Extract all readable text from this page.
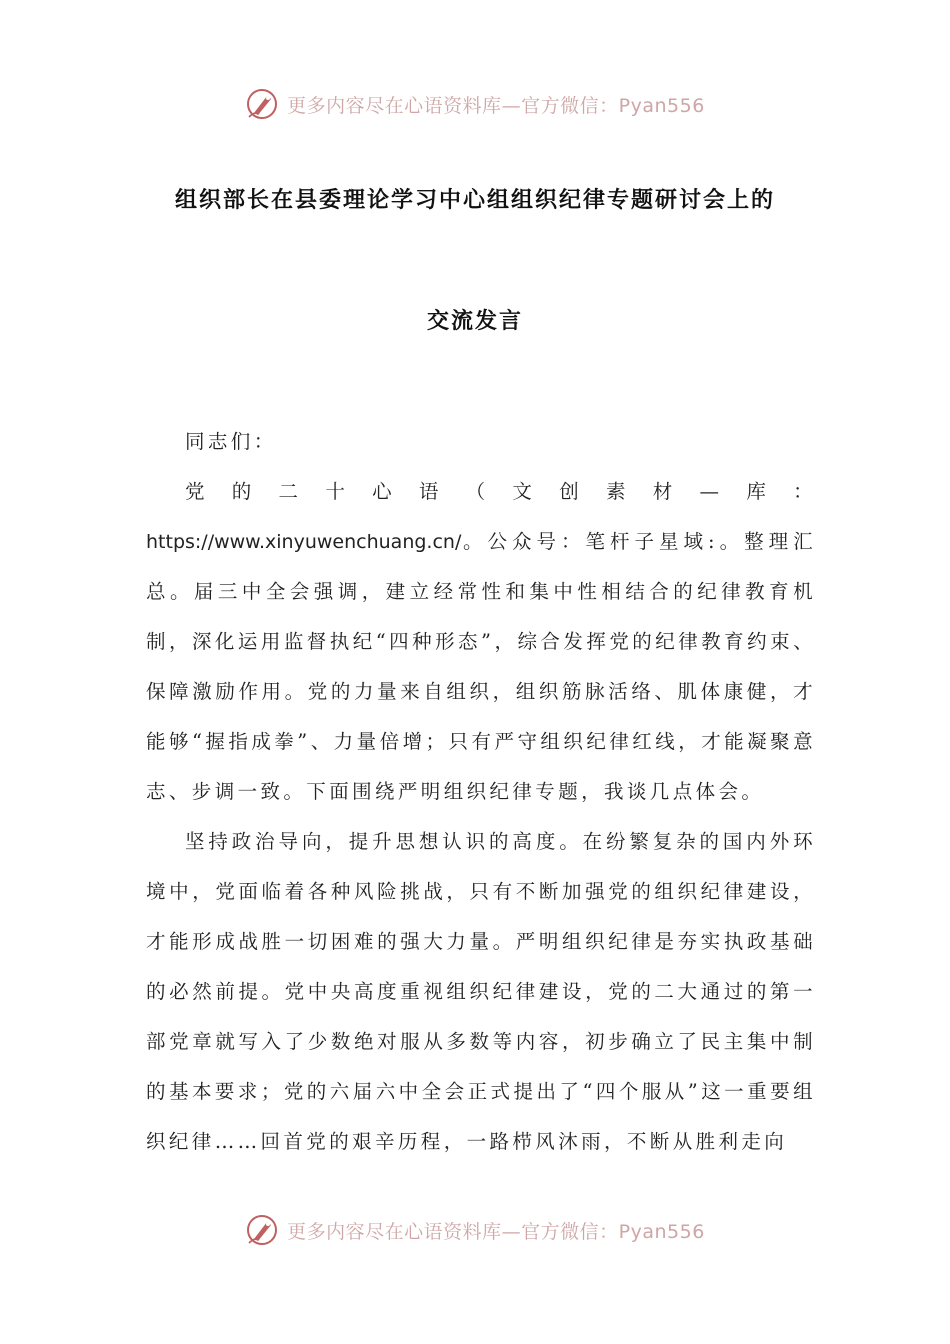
更多内容尽在心语资料库—官方微信：Pyan556
组织部长在县委理论学习中心组组织纪律专题研讨会上的
交流发言

同志们：

党的二十心语（文创素材—库：https://www.xinyuwenchuang.cn/。公众号：笔杆子星域:。整理汇总。届三中全会强调，建立经常性和集中性相结合的纪律教育机制，深化运用监督执纪“四种形态”，综合发挥党的纪律教育约束、保障激励作用。党的力量来自组织，组织筋脉活络、肌体康健，才能够“握指成拳”、力量倍增；只有严守组织纪律红线，才能凝聚意志、步调一致。下面围绕严明组织纪律专题，我谈几点体会。

坚持政治导向，提升思想认识的高度。在纷繁复杂的国内外环境中，党面临着各种风险挑战，只有不断加强党的组织纪律建设，才能形成战胜一切困难的强大力量。严明组织纪律是夯实执政基础的必然前提。党中央高度重视组织纪律建设，党的二大通过的第一部党章就写入了少数绝对服从多数等内容，初步确立了民主集中制的基本要求；党的六届六中全会正式提出了“四个服从”这一重要组织纪律……回首党的艰辛历程，一路栉风沐雨，不断从胜利走向

更多内容尽在心语资料库—官方微信：Pyan556
